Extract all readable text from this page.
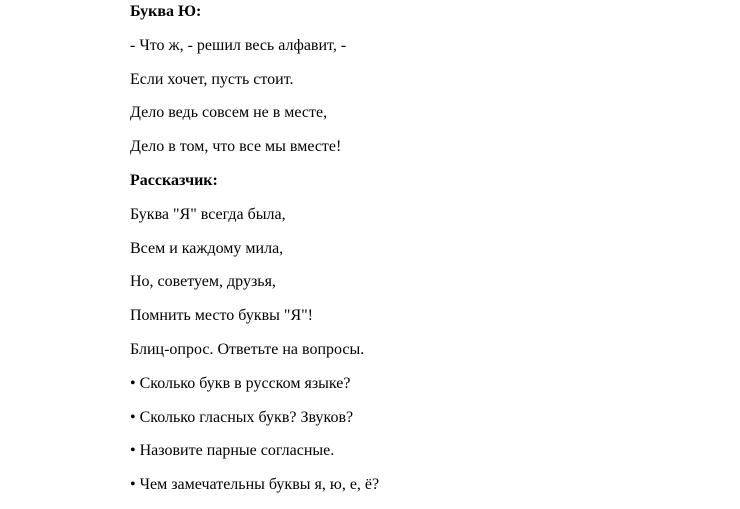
Буква Ю:
- Что ж, - решил весь алфавит, -
Если хочет, пусть стоит.
Дело ведь совсем не в месте,
Дело в том, что все мы вместе!
Рассказчик:
Буква "Я" всегда была,
Всем и каждому мила,
Но, советуем, друзья,
Помнить место буквы "Я"!
Блиц-опрос. Ответьте на вопросы.
• Сколько букв в русском языке?
• Сколько гласных букв? Звуков?
• Назовите парные согласные.
• Чем замечательны буквы я, ю, е, ё?
